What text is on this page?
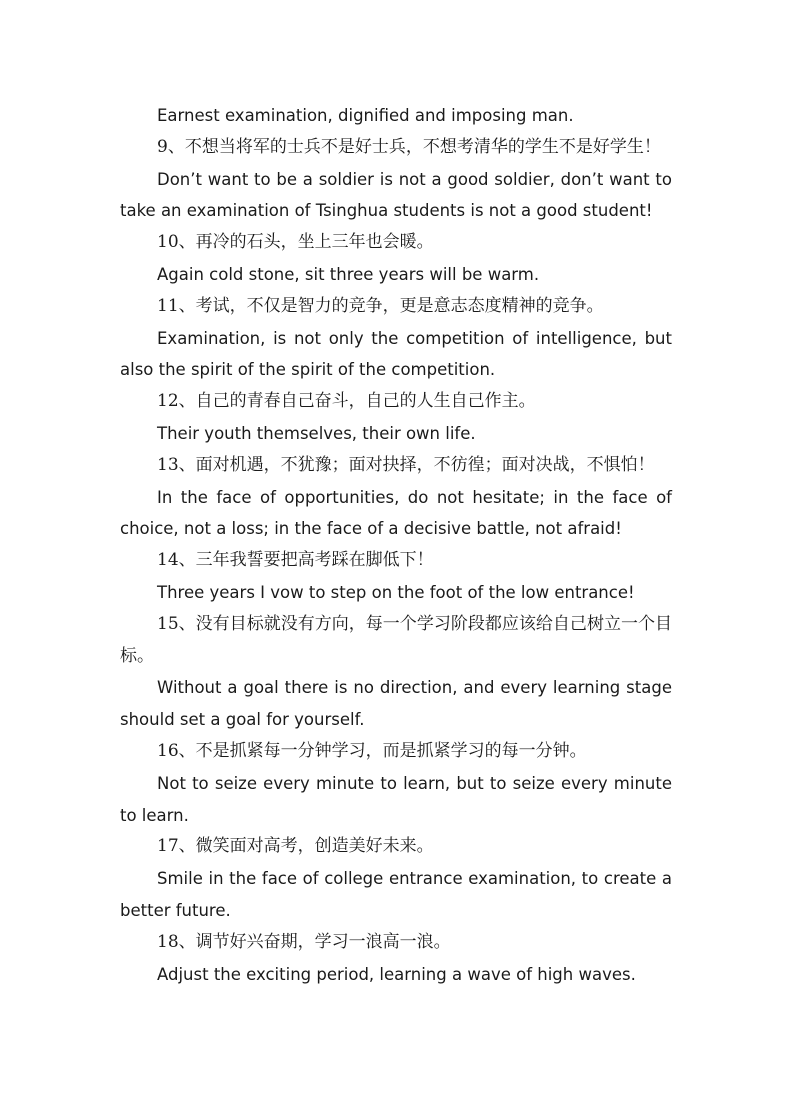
Earnest examination, dignified and imposing man.

9、不想当将军的士兵不是好士兵，不想考清华的学生不是好学生！

Don’t want to be a soldier is not a good soldier, don’t want to take an examination of Tsinghua students is not a good student!

10、再冷的石头，坐上三年也会暖。

Again cold stone, sit three years will be warm.

11、考试，不仅是智力的竞争，更是意志态度精神的竞争。

Examination, is not only the competition of intelligence, but also the spirit of the spirit of the competition.

12、自己的青春自己奋斗，自己的人生自己作主。

Their youth themselves, their own life.

13、面对机遇，不犹豫；面对抉择，不彷徨；面对决战，不惧怕！

In the face of opportunities, do not hesitate; in the face of choice, not a loss; in the face of a decisive battle, not afraid!

14、三年我誓要把高考踩在脚低下！

Three years I vow to step on the foot of the low entrance!

15、没有目标就没有方向，每一个学习阶段都应该给自己树立一个目标。

Without a goal there is no direction, and every learning stage should set a goal for yourself.

16、不是抓紧每一分钟学习，而是抓紧学习的每一分钟。

Not to seize every minute to learn, but to seize every minute to learn.

17、微笑面对高考，创造美好未来。

Smile in the face of college entrance examination, to create a better future.

18、调节好兴奋期，学习一浪高一浪。

Adjust the exciting period, learning a wave of high waves.
